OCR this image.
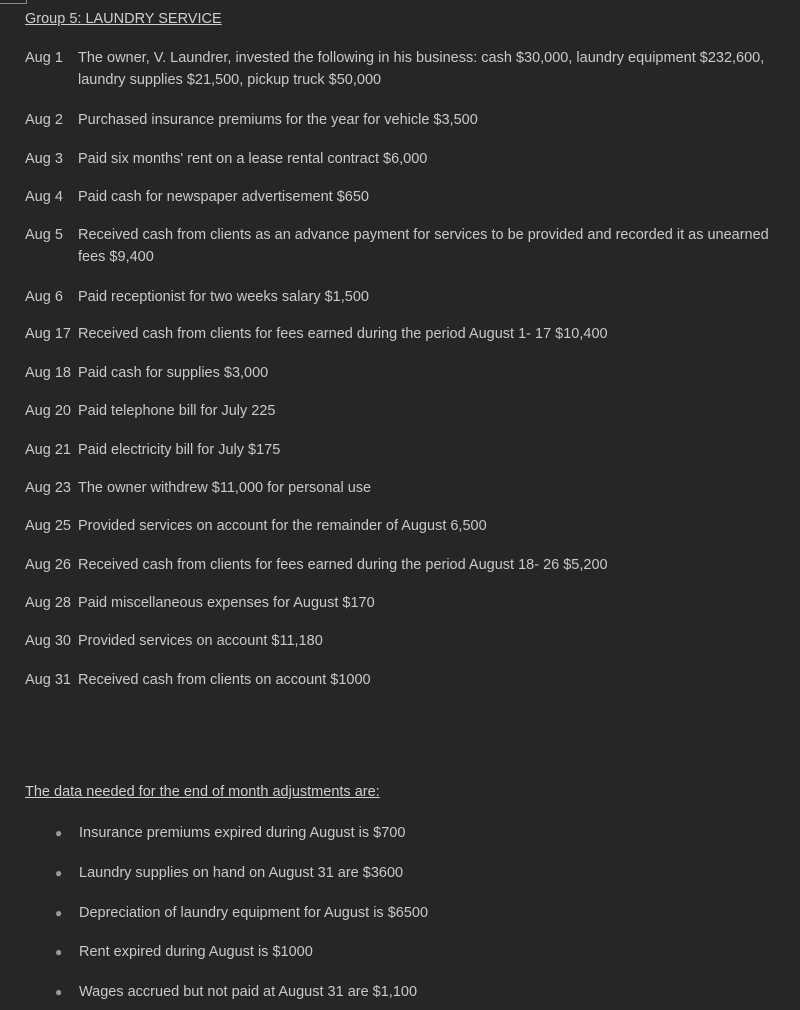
Group 5: LAUNDRY SERVICE
Aug 1	The owner, V. Laundrer, invested the following in his business: cash $30,000, laundry equipment $232,600, laundry supplies $21,500, pickup truck $50,000
Aug 2	Purchased insurance premiums for the year for vehicle $3,500
Aug 3	Paid six months' rent on a lease rental contract $6,000
Aug 4	Paid cash for newspaper advertisement $650
Aug 5	Received cash from clients as an advance payment for services to be provided and recorded it as unearned fees $9,400
Aug 6	Paid receptionist for two weeks salary $1,500
Aug 17 Received cash from clients for fees earned during the period August 1- 17 $10,400
Aug 18 Paid cash for supplies $3,000
Aug 20 Paid telephone bill for July 225
Aug 21 Paid electricity bill for July $175
Aug 23 The owner withdrew $11,000 for personal use
Aug 25 Provided services on account for the remainder of August 6,500
Aug 26 Received cash from clients for fees earned during the period August 18- 26 $5,200
Aug 28 Paid miscellaneous expenses for August $170
Aug 30 Provided services on account $11,180
Aug 31 Received cash from clients on account $1000
The data needed for the end of month adjustments are:
●	Insurance premiums expired during August is $700
●	Laundry supplies on hand on August 31 are $3600
●	Depreciation of laundry equipment for August is $6500
●	Rent expired during August is $1000
●	Wages accrued but not paid at August 31 are $1,100
